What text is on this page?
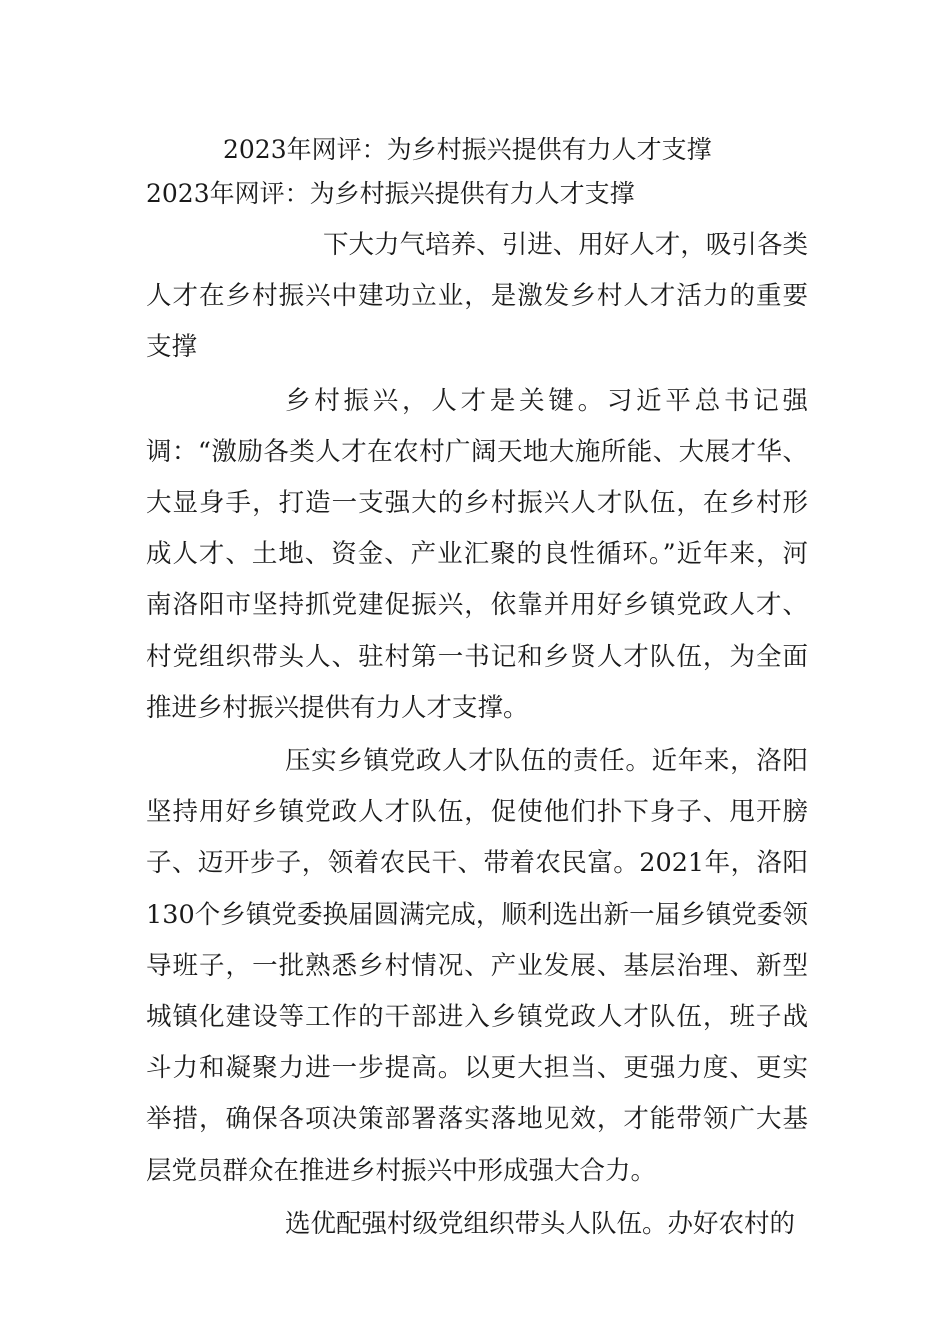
2023年网评：为乡村振兴提供有力人才支撑
2023年网评：为乡村振兴提供有力人才支撑

下大力气培养、引进、用好人才，吸引各类人才在乡村振兴中建功立业，是激发乡村人才活力的重要支撑

乡村振兴，人才是关键。习近平总书记强调：“激励各类人才在农村广阔天地大施所能、大展才华、大显身手，打造一支强大的乡村振兴人才队伍，在乡村形成人才、土地、资金、产业汇聚的良性循环。”近年来，河南洛阳市坚持抓党建促振兴，依靠并用好乡镇党政人才、村党组织带头人、驻村第一书记和乡贤人才队伍，为全面推进乡村振兴提供有力人才支撑。

压实乡镇党政人才队伍的责任。近年来，洛阳坚持用好乡镇党政人才队伍，促使他们扑下身子、甩开膀子、迈开步子，领着农民干、带着农民富。2021年，洛阳130个乡镇党委换届圆满完成，顺利选出新一届乡镇党委领导班子，一批熟悉乡村情况、产业发展、基层治理、新型城镇化建设等工作的干部进入乡镇党政人才队伍，班子战斗力和凝聚力进一步提高。以更大担当、更强力度、更实举措，确保各项决策部署落实落地见效，才能带领广大基层党员群众在推进乡村振兴中形成强大合力。

选优配强村级党组织带头人队伍。办好农村的
